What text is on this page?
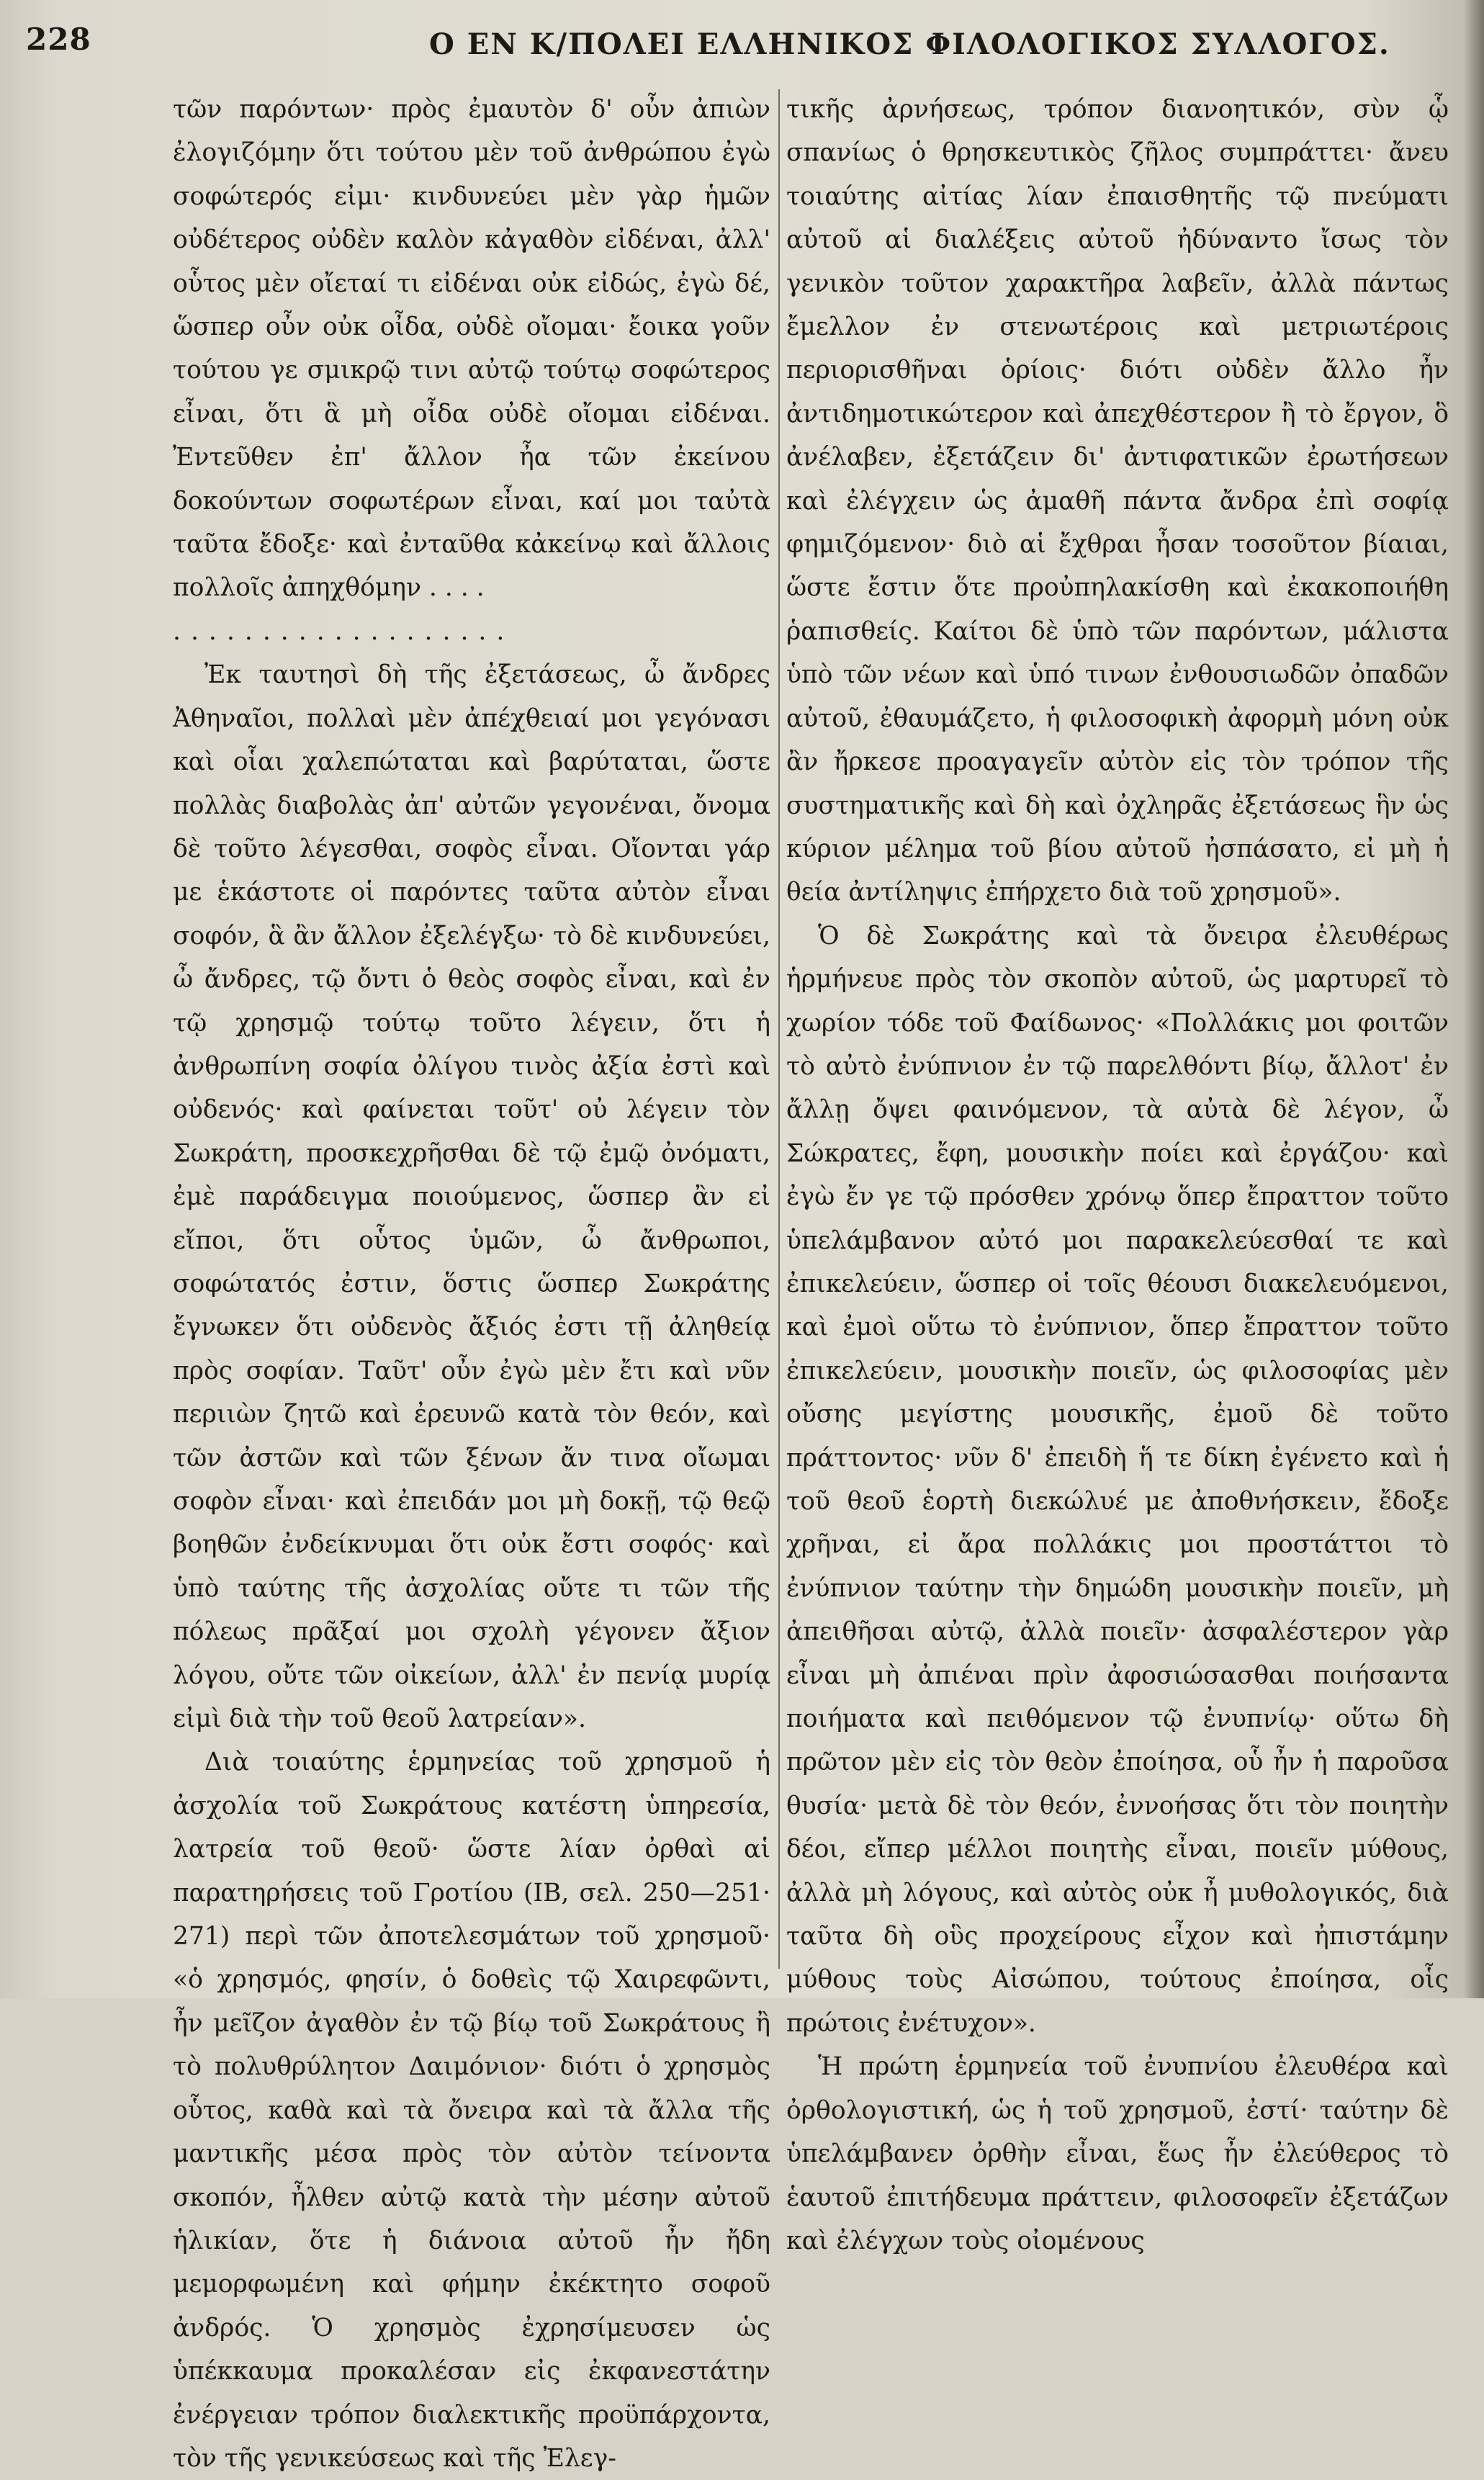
228	Ο ΕΝ Κ/ΠΟΛΕΙ ΕΛΛΗΝΙΚΟΣ ΦΙΛΟΛΟΓΙΚΟΣ ΣΥΛΛΟΓΟΣ.

τῶν παρόντων· πρὸς ἐμαυτὸν δ' οὖν ἀπιὼν ἐλογιζόμην ὅτι τούτου μὲν τοῦ ἀνθρώπου ἐγὼ σοφώτερός εἰμι· κινδυνεύει μὲν γὰρ ἡμῶν οὐδέτερος οὐδὲν καλὸν κἀγαθὸν εἰδέναι, ἀλλ' οὗτος μὲν οἴεταί τι εἰδέναι οὐκ εἰδώς, ἐγὼ δέ, ὥσπερ οὖν οὐκ οἶδα, οὐδὲ οἴομαι· ἔοικα γοῦν τούτου γε σμικρῷ τινι αὐτῷ τούτῳ σοφώτερος εἶναι, ὅτι ἃ μὴ οἶδα οὐδὲ οἴομαι εἰδέναι. Ἐντεῦθεν ἐπ' ἄλλον ἦα τῶν ἐκείνου δοκούντων σοφωτέρων εἶναι, καί μοι ταὐτὰ ταῦτα ἔδοξε· καὶ ἐνταῦθα κἀκείνῳ καὶ ἄλλοις πολλοῖς ἀπηχθόμην . . . .

...................

Ἐκ ταυτησὶ δὴ τῆς ἐξετάσεως, ὦ ἄνδρες Ἀθηναῖοι, πολλαὶ μὲν ἀπέχθειαί μοι γεγόνασι καὶ οἷαι χαλεπώταται καὶ βαρύταται, ὥστε πολλὰς διαβολὰς ἀπ' αὐτῶν γεγονέναι, ὄνομα δὲ τοῦτο λέγεσθαι, σοφὸς εἶναι. Οἴονται γάρ με ἑκάστοτε οἱ παρόντες ταῦτα αὐτὸν εἶναι σοφόν, ἃ ἂν ἄλλον ἐξελέγξω· τὸ δὲ κινδυνεύει, ὦ ἄνδρες, τῷ ὄντι ὁ θεὸς σοφὸς εἶναι, καὶ ἐν τῷ χρησμῷ τούτῳ τοῦτο λέγειν, ὅτι ἡ ἀνθρωπίνη σοφία ὀλίγου τινὸς ἀξία ἐστὶ καὶ οὐδενός· καὶ φαίνεται τοῦτ' οὐ λέγειν τὸν Σωκράτη, προσκεχρῆσθαι δὲ τῷ ἐμῷ ὀνόματι, ἐμὲ παράδειγμα ποιούμενος, ὥσπερ ἂν εἰ εἴποι, ὅτι οὗτος ὑμῶν, ὦ ἄνθρωποι, σοφώτατός ἐστιν, ὅστις ὥσπερ Σωκράτης ἔγνωκεν ὅτι οὐδενὸς ἄξιός ἐστι τῇ ἀληθείᾳ πρὸς σοφίαν. Ταῦτ' οὖν ἐγὼ μὲν ἔτι καὶ νῦν περιιὼν ζητῶ καὶ ἐρευνῶ κατὰ τὸν θεόν, καὶ τῶν ἀστῶν καὶ τῶν ξένων ἄν τινα οἴωμαι σοφὸν εἶναι· καὶ ἐπειδάν μοι μὴ δοκῇ, τῷ θεῷ βοηθῶν ἐνδείκνυμαι ὅτι οὐκ ἔστι σοφός· καὶ ὑπὸ ταύτης τῆς ἀσχολίας οὔτε τι τῶν τῆς πόλεως πρᾶξαί μοι σχολὴ γέγονεν ἄξιον λόγου, οὔτε τῶν οἰκείων, ἀλλ' ἐν πενίᾳ μυρίᾳ εἰμὶ διὰ τὴν τοῦ θεοῦ λατρείαν».

Διὰ τοιαύτης ἑρμηνείας τοῦ χρησμοῦ ἡ ἀσχολία τοῦ Σωκράτους κατέστη ὑπηρεσία, λατρεία τοῦ θεοῦ· ὥστε λίαν ὀρθαὶ αἱ παρατηρήσεις τοῦ Γροτίου (ΙΒ, σελ. 250—251· 271) περὶ τῶν ἀποτελεσμάτων τοῦ χρησμοῦ· «ὁ χρησμός, φησίν, ὁ δοθεὶς τῷ Χαιρεφῶντι, ἦν μεῖζον ἀγαθὸν ἐν τῷ βίῳ τοῦ Σωκράτους ἢ τὸ πολυθρύλητον Δαιμόνιον· διότι ὁ χρησμὸς οὗτος, καθὰ καὶ τὰ ὄνειρα καὶ τὰ ἄλλα τῆς μαντικῆς μέσα πρὸς τὸν αὐτὸν τείνοντα σκοπόν, ἦλθεν αὐτῷ κατὰ τὴν μέσην αὐτοῦ ἡλικίαν, ὅτε ἡ διάνοια αὐτοῦ ἦν ἤδη μεμορφωμένη καὶ φήμην ἐκέκτητο σοφοῦ ἀνδρός. Ὁ χρησμὸς ἐχρησίμευσεν ὡς ὑπέκκαυμα προκαλέσαν εἰς ἐκφανεστάτην ἐνέργειαν τρόπον διαλεκτικῆς προϋπάρχοντα, τὸν τῆς γενικεύσεως καὶ τῆς Ἐλεγ-

τικῆς ἀρνήσεως, τρόπον διανοητικόν, σὺν ᾧ σπανίως ὁ θρησκευτικὸς ζῆλος συμπράττει· ἄνευ τοιαύτης αἰτίας λίαν ἐπαισθητῆς τῷ πνεύματι αὐτοῦ αἱ διαλέξεις αὐτοῦ ἠδύναντο ἴσως τὸν γενικὸν τοῦτον χαρακτῆρα λαβεῖν, ἀλλὰ πάντως ἔμελλον ἐν στενωτέροις καὶ μετριωτέροις περιορισθῆναι ὁρίοις· διότι οὐδὲν ἄλλο ἦν ἀντιδημοτικώτερον καὶ ἀπεχθέστερον ἢ τὸ ἔργον, ὃ ἀνέλαβεν, ἐξετάζειν δι' ἀντιφατικῶν ἐρωτήσεων καὶ ἐλέγχειν ὡς ἀμαθῆ πάντα ἄνδρα ἐπὶ σοφίᾳ φημιζόμενον· διὸ αἱ ἔχθραι ἦσαν τοσοῦτον βίαιαι, ὥστε ἔστιν ὅτε προὐπηλακίσθη καὶ ἐκακοποιήθη ῥαπισθείς. Καίτοι δὲ ὑπὸ τῶν παρόντων, μάλιστα ὑπὸ τῶν νέων καὶ ὑπό τινων ἐνθουσιωδῶν ὀπαδῶν αὐτοῦ, ἐθαυμάζετο, ἡ φιλοσοφικὴ ἀφορμὴ μόνη οὐκ ἂν ἤρκεσε προαγαγεῖν αὐτὸν εἰς τὸν τρόπον τῆς συστηματικῆς καὶ δὴ καὶ ὀχληρᾶς ἐξετάσεως ἣν ὡς κύριον μέλημα τοῦ βίου αὐτοῦ ἠσπάσατο, εἰ μὴ ἡ θεία ἀντίληψις ἐπήρχετο διὰ τοῦ χρησμοῦ».

Ὁ δὲ Σωκράτης καὶ τὰ ὄνειρα ἐλευθέρως ἡρμήνευε πρὸς τὸν σκοπὸν αὐτοῦ, ὡς μαρτυρεῖ τὸ χωρίον τόδε τοῦ Φαίδωνος· «Πολλάκις μοι φοιτῶν τὸ αὐτὸ ἐνύπνιον ἐν τῷ παρελθόντι βίῳ, ἄλλοτ' ἐν ἄλλῃ ὄψει φαινόμενον, τὰ αὐτὰ δὲ λέγον, ὦ Σώκρατες, ἔφη, μουσικὴν ποίει καὶ ἐργάζου· καὶ ἐγὼ ἔν γε τῷ πρόσθεν χρόνῳ ὅπερ ἔπραττον τοῦτο ὑπελάμβανον αὐτό μοι παρακελεύεσθαί τε καὶ ἐπικελεύειν, ὥσπερ οἱ τοῖς θέουσι διακελευόμενοι, καὶ ἐμοὶ οὕτω τὸ ἐνύπνιον, ὅπερ ἔπραττον τοῦτο ἐπικελεύειν, μουσικὴν ποιεῖν, ὡς φιλοσοφίας μὲν οὔσης μεγίστης μουσικῆς, ἐμοῦ δὲ τοῦτο πράττοντος· νῦν δ' ἐπειδὴ ἥ τε δίκη ἐγένετο καὶ ἡ τοῦ θεοῦ ἑορτὴ διεκώλυέ με ἀποθνήσκειν, ἔδοξε χρῆναι, εἰ ἄρα πολλάκις μοι προστάττοι τὸ ἐνύπνιον ταύτην τὴν δημώδη μουσικὴν ποιεῖν, μὴ ἀπειθῆσαι αὐτῷ, ἀλλὰ ποιεῖν· ἀσφαλέστερον γὰρ εἶναι μὴ ἀπιέναι πρὶν ἀφοσιώσασθαι ποιήσαντα ποιήματα καὶ πειθόμενον τῷ ἐνυπνίῳ· οὕτω δὴ πρῶτον μὲν εἰς τὸν θεὸν ἐποίησα, οὗ ἦν ἡ παροῦσα θυσία· μετὰ δὲ τὸν θεόν, ἐννοήσας ὅτι τὸν ποιητὴν δέοι, εἴπερ μέλλοι ποιητὴς εἶναι, ποιεῖν μύθους, ἀλλὰ μὴ λόγους, καὶ αὐτὸς οὐκ ἦ μυθολογικός, διὰ ταῦτα δὴ οὓς προχείρους εἶχον καὶ ἠπιστάμην μύθους τοὺς Αἰσώπου, τούτους ἐποίησα, οἷς πρώτοις ἐνέτυχον».

Ἡ πρώτη ἑρμηνεία τοῦ ἐνυπνίου ἐλευθέρα καὶ ὀρθολογιστική, ὡς ἡ τοῦ χρησμοῦ, ἐστί· ταύτην δὲ ὑπελάμβανεν ὀρθὴν εἶναι, ἕως ἦν ἐλεύθερος τὸ ἑαυτοῦ ἐπιτήδευμα πράττειν, φιλοσοφεῖν ἐξετάζων καὶ ἐλέγχων τοὺς οἰομένους
